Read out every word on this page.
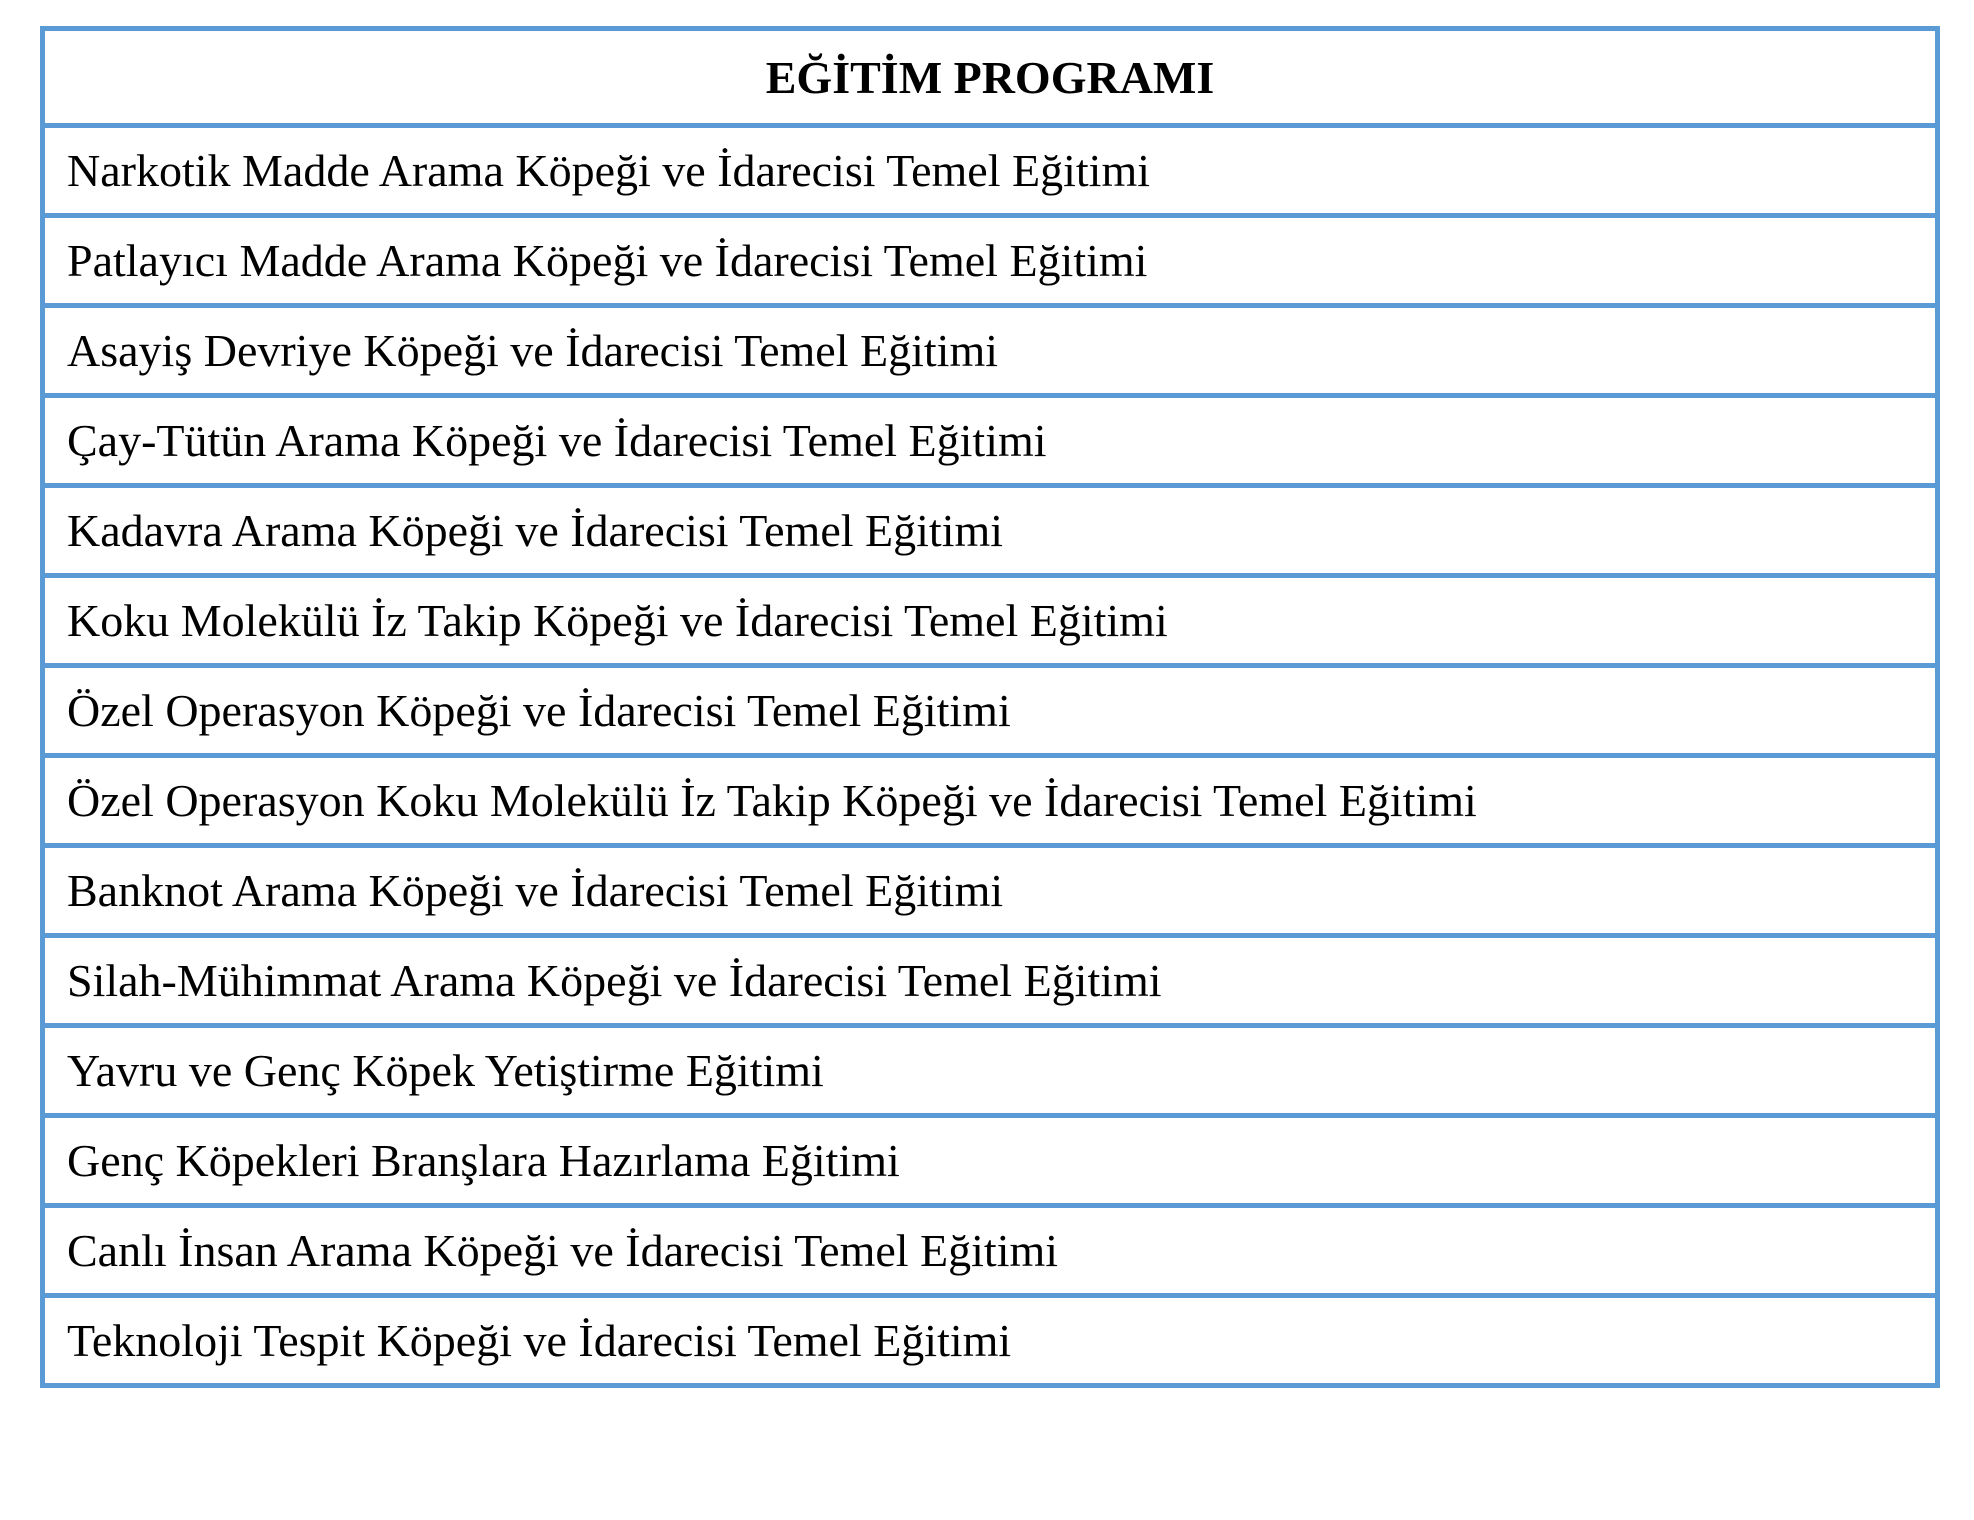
EĞİTİM PROGRAMI
Narkotik Madde Arama Köpeği ve İdarecisi Temel Eğitimi
Patlayıcı Madde Arama Köpeği ve İdarecisi Temel Eğitimi
Asayiş Devriye Köpeği ve İdarecisi Temel Eğitimi
Çay-Tütün Arama Köpeği ve İdarecisi Temel Eğitimi
Kadavra Arama Köpeği ve İdarecisi Temel Eğitimi
Koku Molekülü İz Takip Köpeği ve İdarecisi Temel Eğitimi
Özel Operasyon Köpeği ve İdarecisi Temel Eğitimi
Özel Operasyon Koku Molekülü İz Takip Köpeği ve İdarecisi Temel Eğitimi
Banknot Arama Köpeği ve İdarecisi Temel Eğitimi
Silah-Mühimmat Arama Köpeği ve İdarecisi Temel Eğitimi
Yavru ve Genç Köpek Yetiştirme Eğitimi
Genç Köpekleri Branşlara Hazırlama Eğitimi
Canlı İnsan Arama Köpeği ve İdarecisi Temel Eğitimi
Teknoloji Tespit Köpeği ve İdarecisi Temel Eğitimi
